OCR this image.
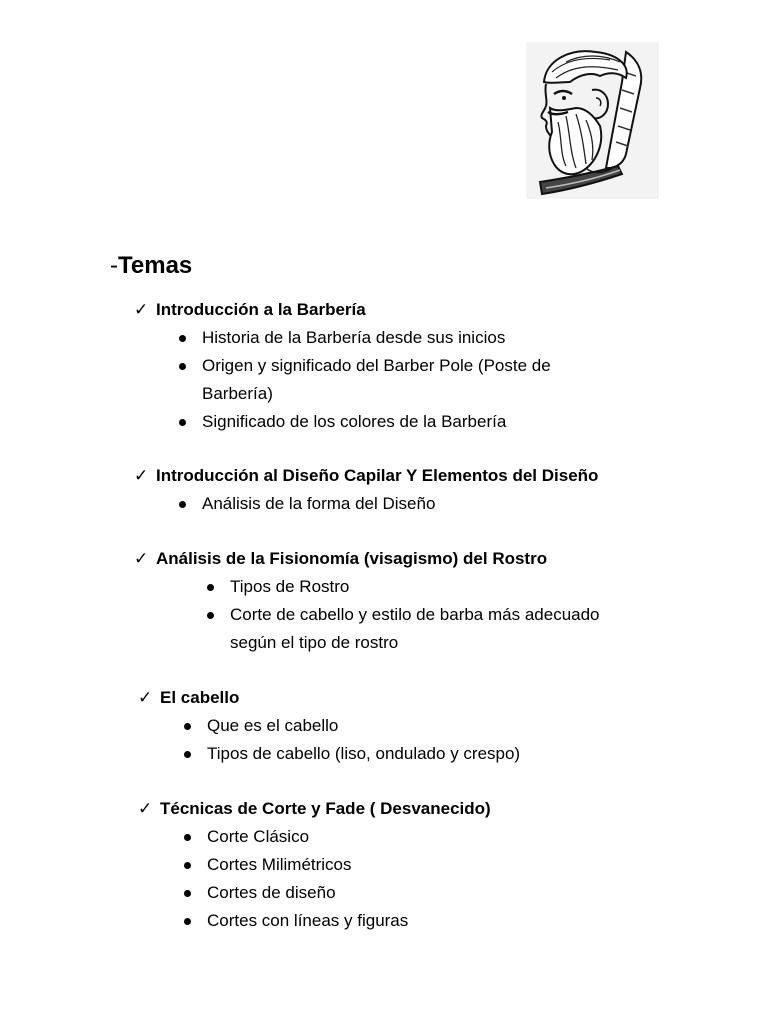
-Temas
✓ Introducción a la Barbería
Historia de la Barbería desde sus inicios
Origen y significado del Barber Pole (Poste de Barbería)
Significado de los colores de la Barbería
✓ Introducción al Diseño Capilar Y Elementos del Diseño
Análisis de la forma del Diseño
✓ Análisis de la Fisionomía (visagismo) del Rostro
Tipos de Rostro
Corte de cabello y estilo de barba más adecuado según el tipo de rostro
✓ El cabello
Que es el cabello
Tipos de cabello (liso, ondulado y crespo)
✓ Técnicas de Corte y Fade ( Desvanecido)
Corte Clásico
Cortes Milimétricos
Cortes de diseño
Cortes con líneas y figuras
